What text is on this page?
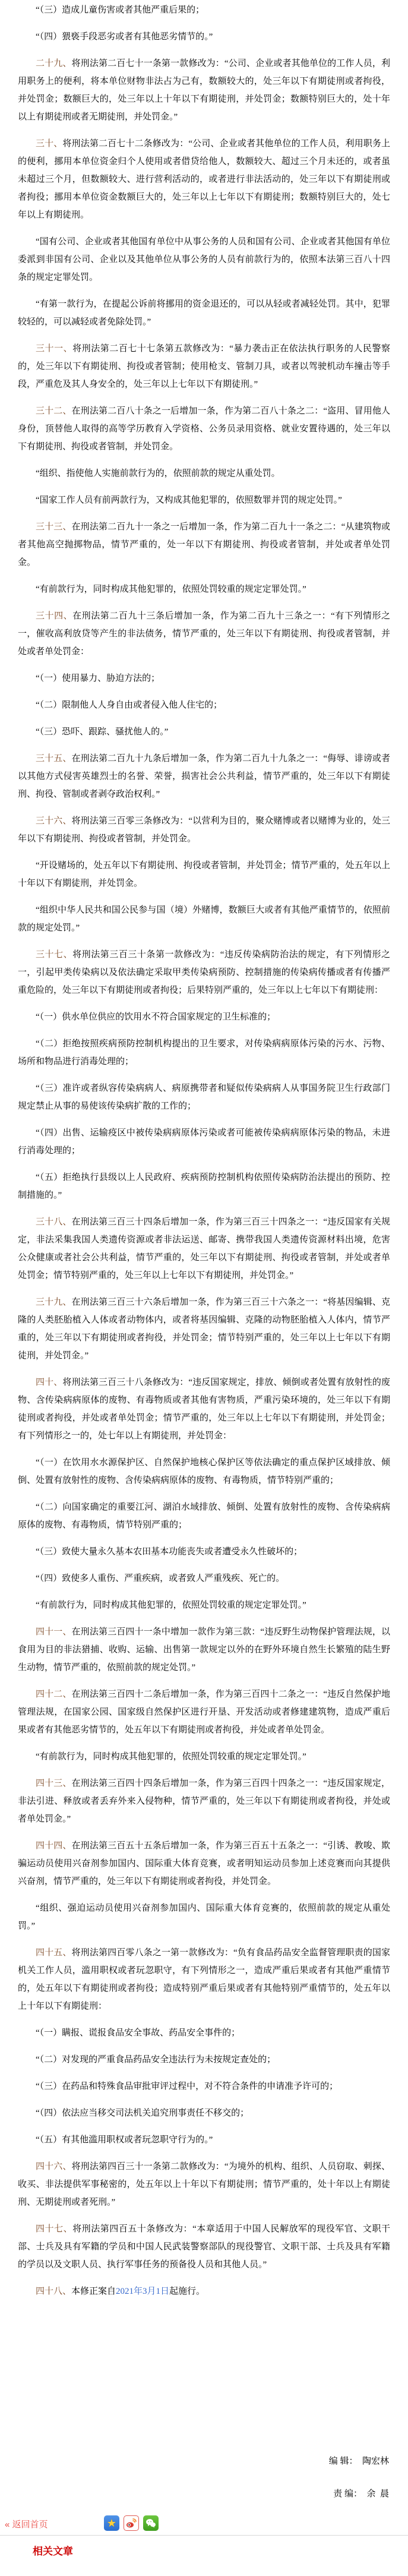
“（三）造成儿童伤害或者其他严重后果的；

“（四）猥亵手段恶劣或者有其他恶劣情节的。”

二十九、将刑法第二百七十一条第一款修改为：“公司、企业或者其他单位的工作人员，利用职务上的便利，将本单位财物非法占为己有，数额较大的，处三年以下有期徒刑或者拘役，并处罚金；数额巨大的，处三年以上十年以下有期徒刑，并处罚金；数额特别巨大的，处十年以上有期徒刑或者无期徒刑，并处罚金。”

三十、将刑法第二百七十二条修改为：“公司、企业或者其他单位的工作人员，利用职务上的便利，挪用本单位资金归个人使用或者借贷给他人，数额较大、超过三个月未还的，或者虽未超过三个月，但数额较大、进行营利活动的，或者进行非法活动的，处三年以下有期徒刑或者拘役；挪用本单位资金数额巨大的，处三年以上七年以下有期徒刑；数额特别巨大的，处七年以上有期徒刑。

“国有公司、企业或者其他国有单位中从事公务的人员和国有公司、企业或者其他国有单位委派到非国有公司、企业以及其他单位从事公务的人员有前款行为的，依照本法第三百八十四条的规定定罪处罚。

“有第一款行为，在提起公诉前将挪用的资金退还的，可以从轻或者减轻处罚。其中，犯罪较轻的，可以减轻或者免除处罚。”

三十一、将刑法第二百七十七条第五款修改为：“暴力袭击正在依法执行职务的人民警察的，处三年以下有期徒刑、拘役或者管制；使用枪支、管制刀具，或者以驾驶机动车撞击等手段，严重危及其人身安全的，处三年以上七年以下有期徒刑。”

三十二、在刑法第二百八十条之一后增加一条，作为第二百八十条之二：“盗用、冒用他人身份，顶替他人取得的高等学历教育入学资格、公务员录用资格、就业安置待遇的，处三年以下有期徒刑、拘役或者管制，并处罚金。

“组织、指使他人实施前款行为的，依照前款的规定从重处罚。

“国家工作人员有前两款行为，又构成其他犯罪的，依照数罪并罚的规定处罚。”

三十三、在刑法第二百九十一条之一后增加一条，作为第二百九十一条之二：“从建筑物或者其他高空抛掷物品，情节严重的，处一年以下有期徒刑、拘役或者管制，并处或者单处罚金。

“有前款行为，同时构成其他犯罪的，依照处罚较重的规定定罪处罚。”

三十四、在刑法第二百九十三条后增加一条，作为第二百九十三条之一：“有下列情形之一，催收高利放贷等产生的非法债务，情节严重的，处三年以下有期徒刑、拘役或者管制，并处或者单处罚金：

“（一）使用暴力、胁迫方法的；

“（二）限制他人人身自由或者侵入他人住宅的；

“（三）恐吓、跟踪、骚扰他人的。”

三十五、在刑法第二百九十九条后增加一条，作为第二百九十九条之一：“侮辱、诽谤或者以其他方式侵害英雄烈士的名誉、荣誉，损害社会公共利益，情节严重的，处三年以下有期徒刑、拘役、管制或者剥夺政治权利。”

三十六、将刑法第三百零三条修改为：“以营利为目的，聚众赌博或者以赌博为业的，处三年以下有期徒刑、拘役或者管制，并处罚金。

“开设赌场的，处五年以下有期徒刑、拘役或者管制，并处罚金；情节严重的，处五年以上十年以下有期徒刑，并处罚金。

“组织中华人民共和国公民参与国（境）外赌博，数额巨大或者有其他严重情节的，依照前款的规定处罚。”

三十七、将刑法第三百三十条第一款修改为：“违反传染病防治法的规定，有下列情形之一，引起甲类传染病以及依法确定采取甲类传染病预防、控制措施的传染病传播或者有传播严重危险的，处三年以下有期徒刑或者拘役；后果特别严重的，处三年以上七年以下有期徒刑：

“（一）供水单位供应的饮用水不符合国家规定的卫生标准的；

“（二）拒绝按照疾病预防控制机构提出的卫生要求，对传染病病原体污染的污水、污物、场所和物品进行消毒处理的；

“（三）准许或者纵容传染病病人、病原携带者和疑似传染病病人从事国务院卫生行政部门规定禁止从事的易使该传染病扩散的工作的；

“（四）出售、运输疫区中被传染病病原体污染或者可能被传染病病原体污染的物品，未进行消毒处理的；

“（五）拒绝执行县级以上人民政府、疾病预防控制机构依照传染病防治法提出的预防、控制措施的。”

三十八、在刑法第三百三十四条后增加一条，作为第三百三十四条之一：“违反国家有关规定，非法采集我国人类遗传资源或者非法运送、邮寄、携带我国人类遗传资源材料出境，危害公众健康或者社会公共利益，情节严重的，处三年以下有期徒刑、拘役或者管制，并处或者单处罚金；情节特别严重的，处三年以上七年以下有期徒刑，并处罚金。”

三十九、在刑法第三百三十六条后增加一条，作为第三百三十六条之一：“将基因编辑、克隆的人类胚胎植入人体或者动物体内，或者将基因编辑、克隆的动物胚胎植入人体内，情节严重的，处三年以下有期徒刑或者拘役，并处罚金；情节特别严重的，处三年以上七年以下有期徒刑，并处罚金。”

四十、将刑法第三百三十八条修改为：“违反国家规定，排放、倾倒或者处置有放射性的废物、含传染病病原体的废物、有毒物质或者其他有害物质，严重污染环境的，处三年以下有期徒刑或者拘役，并处或者单处罚金；情节严重的，处三年以上七年以下有期徒刑，并处罚金；有下列情形之一的，处七年以上有期徒刑，并处罚金：

“（一）在饮用水水源保护区、自然保护地核心保护区等依法确定的重点保护区域排放、倾倒、处置有放射性的废物、含传染病病原体的废物、有毒物质，情节特别严重的；

“（二）向国家确定的重要江河、湖泊水域排放、倾倒、处置有放射性的废物、含传染病病原体的废物、有毒物质，情节特别严重的；

“（三）致使大量永久基本农田基本功能丧失或者遭受永久性破坏的；

“（四）致使多人重伤、严重疾病，或者致人严重残疾、死亡的。

“有前款行为，同时构成其他犯罪的，依照处罚较重的规定定罪处罚。”

四十一、在刑法第三百四十一条中增加一款作为第三款：“违反野生动物保护管理法规，以食用为目的非法猎捕、收购、运输、出售第一款规定以外的在野外环境自然生长繁殖的陆生野生动物，情节严重的，依照前款的规定处罚。”

四十二、在刑法第三百四十二条后增加一条，作为第三百四十二条之一：“违反自然保护地管理法规，在国家公园、国家级自然保护区进行开垦、开发活动或者修建建筑物，造成严重后果或者有其他恶劣情节的，处五年以下有期徒刑或者拘役，并处或者单处罚金。

“有前款行为，同时构成其他犯罪的，依照处罚较重的规定定罪处罚。”

四十三、在刑法第三百四十四条后增加一条，作为第三百四十四条之一：“违反国家规定，非法引进、释放或者丢弃外来入侵物种，情节严重的，处三年以下有期徒刑或者拘役，并处或者单处罚金。”

四十四、在刑法第三百五十五条后增加一条，作为第三百五十五条之一：“引诱、教唆、欺骗运动员使用兴奋剂参加国内、国际重大体育竞赛，或者明知运动员参加上述竞赛而向其提供兴奋剂，情节严重的，处三年以下有期徒刑或者拘役，并处罚金。

“组织、强迫运动员使用兴奋剂参加国内、国际重大体育竞赛的，依照前款的规定从重处罚。”

四十五、将刑法第四百零八条之一第一款修改为：“负有食品药品安全监督管理职责的国家机关工作人员，滥用职权或者玩忽职守，有下列情形之一，造成严重后果或者有其他严重情节的，处五年以下有期徒刑或者拘役；造成特别严重后果或者有其他特别严重情节的，处五年以上十年以下有期徒刑：

“（一）瞒报、谎报食品安全事故、药品安全事件的；

“（二）对发现的严重食品药品安全违法行为未按规定查处的；

“（三）在药品和特殊食品审批审评过程中，对不符合条件的申请准予许可的；

“（四）依法应当移交司法机关追究刑事责任不移交的；

“（五）有其他滥用职权或者玩忽职守行为的。”

四十六、将刑法第四百三十一条第二款修改为：“为境外的机构、组织、人员窃取、刺探、收买、非法提供军事秘密的，处五年以上十年以下有期徒刑；情节严重的，处十年以上有期徒刑、无期徒刑或者死刑。”

四十七、将刑法第四百五十条修改为：“本章适用于中国人民解放军的现役军官、文职干部、士兵及具有军籍的学员和中国人民武装警察部队的现役警官、文职干部、士兵及具有军籍的学员以及文职人员、执行军事任务的预备役人员和其他人员。”

四十八、本修正案自2021年3月1日起施行。

编 辑：  陶宏林
责 编：  余  晨
« 返回首页	★
相关文章
